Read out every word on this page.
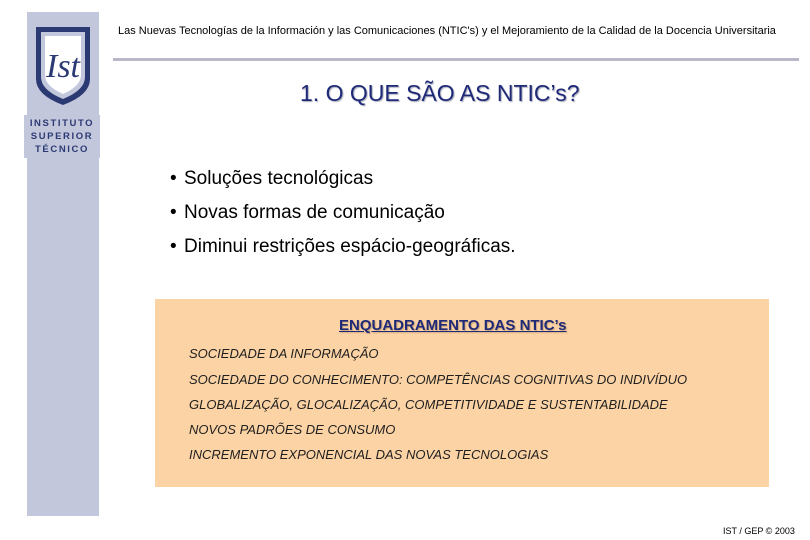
Ist
INSTITUTO
SUPERIOR
TÉCNICO
Las Nuevas Tecnologías de la Información y las Comunicaciones (NTIC's) y el Mejoramiento de la Calidad de la Docencia Universitaria
1. O QUE SÃO AS NTIC’s?
• Soluções tecnológicas
• Novas formas de comunicação
• Diminui restrições espácio-geográficas.
ENQUADRAMENTO DAS NTIC’s
SOCIEDADE DA INFORMAÇÃO
SOCIEDADE DO CONHECIMENTO: COMPETÊNCIAS COGNITIVAS DO INDIVÍDUO
GLOBALIZAÇÃO, GLOCALIZAÇÃO, COMPETITIVIDADE E SUSTENTABILIDADE
NOVOS PADRÕES DE CONSUMO
INCREMENTO EXPONENCIAL DAS NOVAS TECNOLOGIAS
IST / GEP © 2003
